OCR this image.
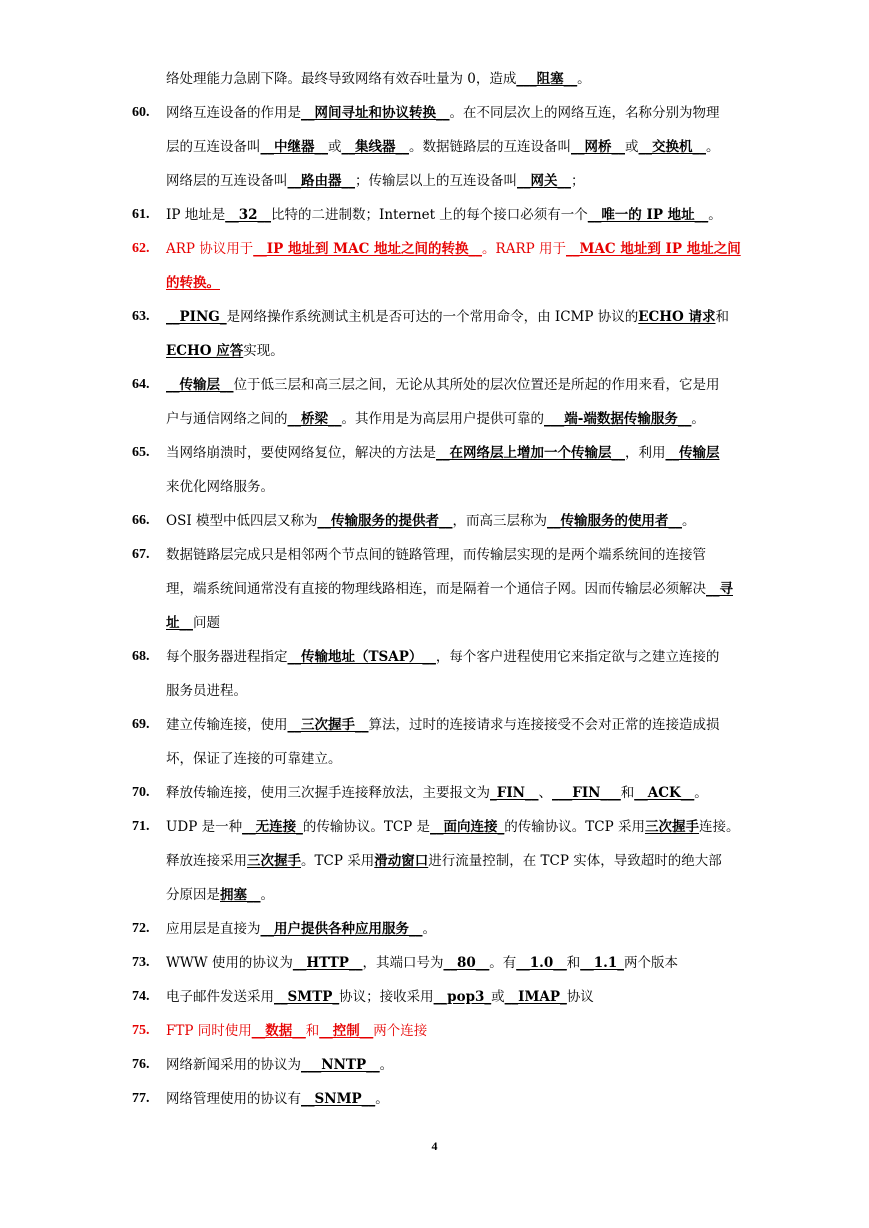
络处理能力急剧下降。最终导致网络有效吞吐量为 0，造成___阻塞__。
60. 网络互连设备的作用是__网间寻址和协议转换__。在不同层次上的网络互连，名称分别为物理
层的互连设备叫__中继器__或__集线器__。数据链路层的互连设备叫__网桥__或__交换机__。
网络层的互连设备叫__路由器__；传输层以上的互连设备叫__网关__；
61. IP 地址是__32__比特的二进制数；Internet 上的每个接口必须有一个__唯一的 IP 地址__。
62. ARP 协议用于__IP 地址到 MAC 地址之间的转换__。RARP 用于__MAC 地址到 IP 地址之间
的转换。
63. __PING_是网络操作系统测试主机是否可达的一个常用命令，由 ICMP 协议的ECHO 请求和
ECHO 应答实现。
64. __传输层__位于低三层和高三层之间，无论从其所处的层次位置还是所起的作用来看，它是用
户与通信网络之间的__桥梁__。其作用是为高层用户提供可靠的___端-端数据传输服务__。
65. 当网络崩溃时，要使网络复位，解决的方法是__在网络层上增加一个传输层__，利用__传输层
来优化网络服务。
66. OSI 模型中低四层又称为__传输服务的提供者__，而高三层称为__传输服务的使用者__。
67. 数据链路层完成只是相邻两个节点间的链路管理，而传输层实现的是两个端系统间的连接管
理，端系统间通常没有直接的物理线路相连，而是隔着一个通信子网。因而传输层必须解决__寻
址__问题
68. 每个服务器进程指定__传输地址（TSAP）__，每个客户进程使用它来指定欲与之建立连接的
服务员进程。
69. 建立传输连接，使用__三次握手__算法，过时的连接请求与连接接受不会对正常的连接造成损
坏，保证了连接的可靠建立。
70. 释放传输连接，使用三次握手连接释放法，主要报文为_FIN__、___FIN___和__ACK__。
71. UDP 是一种__无连接_的传输协议。TCP 是__面向连接_的传输协议。TCP 采用三次握手连接。
释放连接采用三次握手。TCP 采用滑动窗口进行流量控制，在 TCP 实体，导致超时的绝大部
分原因是拥塞__。
72. 应用层是直接为__用户提供各种应用服务__。
73. WWW 使用的协议为__HTTP__，其端口号为__80__。有__1.0__和__1.1_两个版本
74. 电子邮件发送采用__SMTP_协议；接收采用__pop3_或__IMAP_协议
75. FTP 同时使用__数据__和__控制__两个连接
76. 网络新闻采用的协议为___NNTP__。
77. 网络管理使用的协议有__SNMP__。
4
